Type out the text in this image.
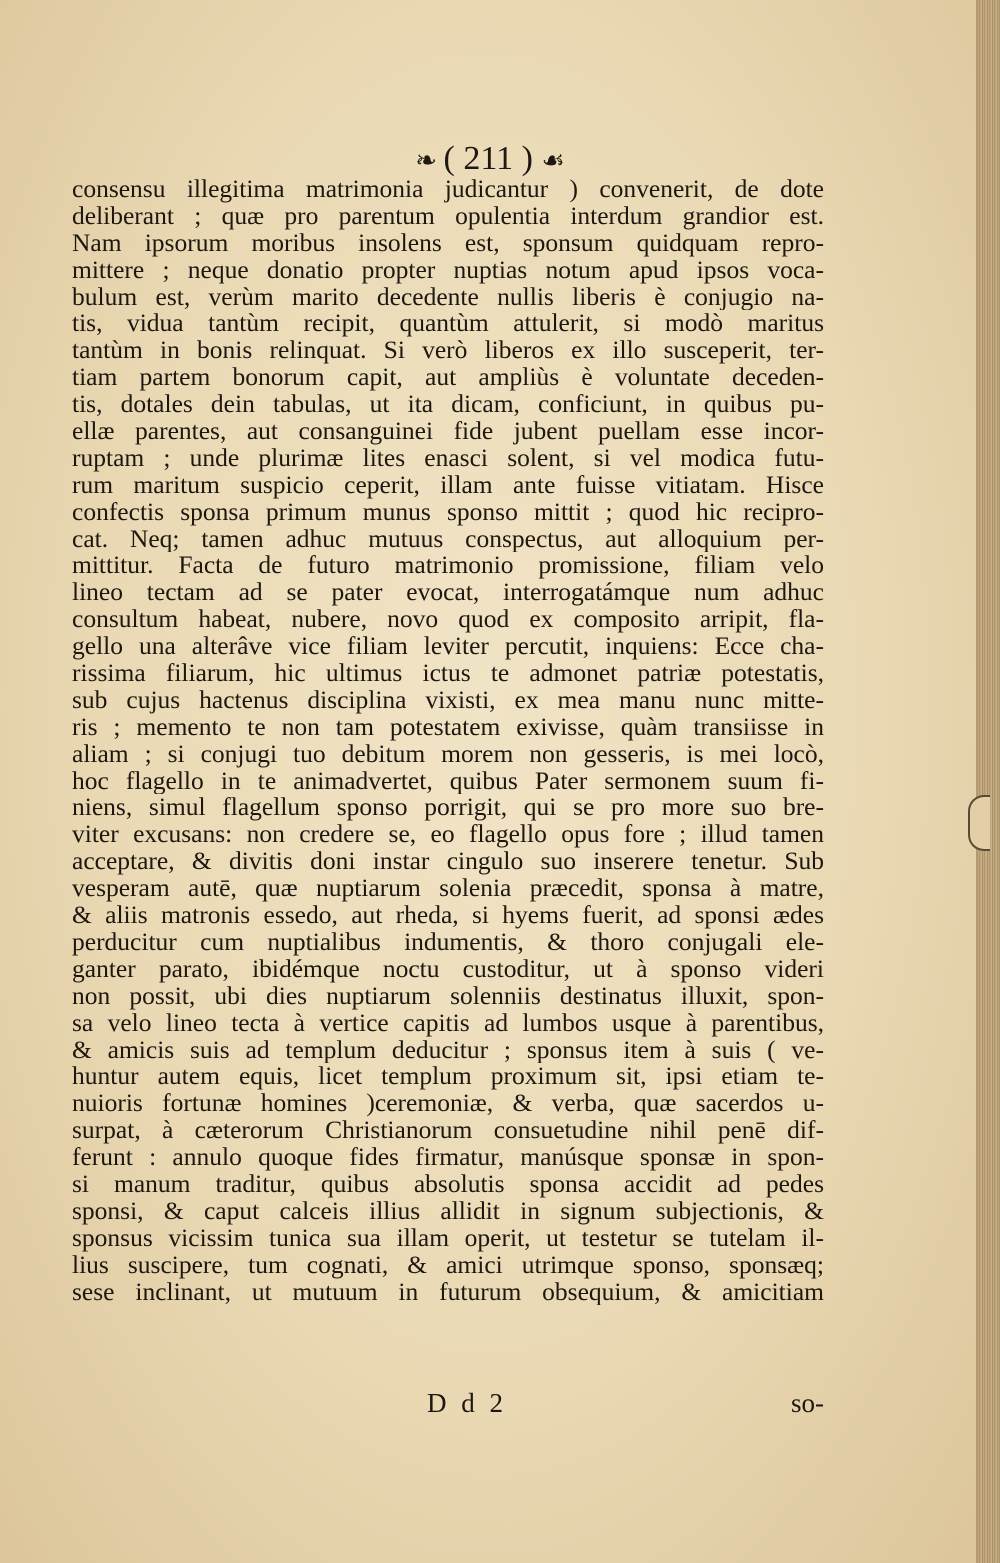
❧ ( 211 ) ☙
consensu illegitima matrimonia judicantur ) convenerit, de dote
deliberant ; quæ pro parentum opulentia interdum grandior est.
Nam ipsorum moribus insolens est, sponsum quidquam repro-
mittere ; neque donatio propter nuptias notum apud ipsos voca-
bulum est, verùm marito decedente nullis liberis è conjugio na-
tis, vidua tantùm recipit, quantùm attulerit, si modò maritus
tantùm in bonis relinquat. Si verò liberos ex illo susceperit, ter-
tiam partem bonorum capit, aut ampliùs è voluntate deceden-
tis, dotales dein tabulas, ut ita dicam, conficiunt, in quibus pu-
ellæ parentes, aut consanguinei fide jubent puellam esse incor-
ruptam ; unde plurimæ lites enasci solent, si vel modica futu-
rum maritum suspicio ceperit, illam ante fuisse vitiatam. Hisce
confectis sponsa primum munus sponso mittit ; quod hic recipro-
cat. Neq; tamen adhuc mutuus conspectus, aut alloquium per-
mittitur. Facta de futuro matrimonio promissione, filiam velo
lineo tectam ad se pater evocat, interrogatámque num adhuc
consultum habeat, nubere, novo quod ex composito arripit, fla-
gello una alterâve vice filiam leviter percutit, inquiens: Ecce cha-
rissima filiarum, hic ultimus ictus te admonet patriæ potestatis,
sub cujus hactenus disciplina vixisti, ex mea manu nunc mitte-
ris ; memento te non tam potestatem exivisse, quàm transiisse in
aliam ; si conjugi tuo debitum morem non gesseris, is mei locò,
hoc flagello in te animadvertet, quibus Pater sermonem suum fi-
niens, simul flagellum sponso porrigit, qui se pro more suo bre-
viter excusans: non credere se, eo flagello opus fore ; illud tamen
acceptare, & divitis doni instar cingulo suo inserere tenetur. Sub
vesperam autē, quæ nuptiarum solenia præcedit, sponsa à matre,
& aliis matronis essedo, aut rheda, si hyems fuerit, ad sponsi ædes
perducitur cum nuptialibus indumentis, & thoro conjugali ele-
ganter parato, ibidémque noctu custoditur, ut à sponso videri
non possit, ubi dies nuptiarum solenniis destinatus illuxit, spon-
sa velo lineo tecta à vertice capitis ad lumbos usque à parentibus,
& amicis suis ad templum deducitur ; sponsus item à suis ( ve-
huntur autem equis, licet templum proximum sit, ipsi etiam te-
nuioris fortunæ homines )ceremoniæ, & verba, quæ sacerdos u-
surpat, à cæterorum Christianorum consuetudine nihil penē dif-
ferunt : annulo quoque fides firmatur, manúsque sponsæ in spon-
si manum traditur, quibus absolutis sponsa accidit ad pedes
sponsi, & caput calceis illius allidit in signum subjectionis, &
sponsus vicissim tunica sua illam operit, ut testetur se tutelam il-
lius suscipere, tum cognati, & amici utrimque sponso, sponsæq;
sese inclinant, ut mutuum in futurum obsequium, & amicitiam
D d 2	so-
